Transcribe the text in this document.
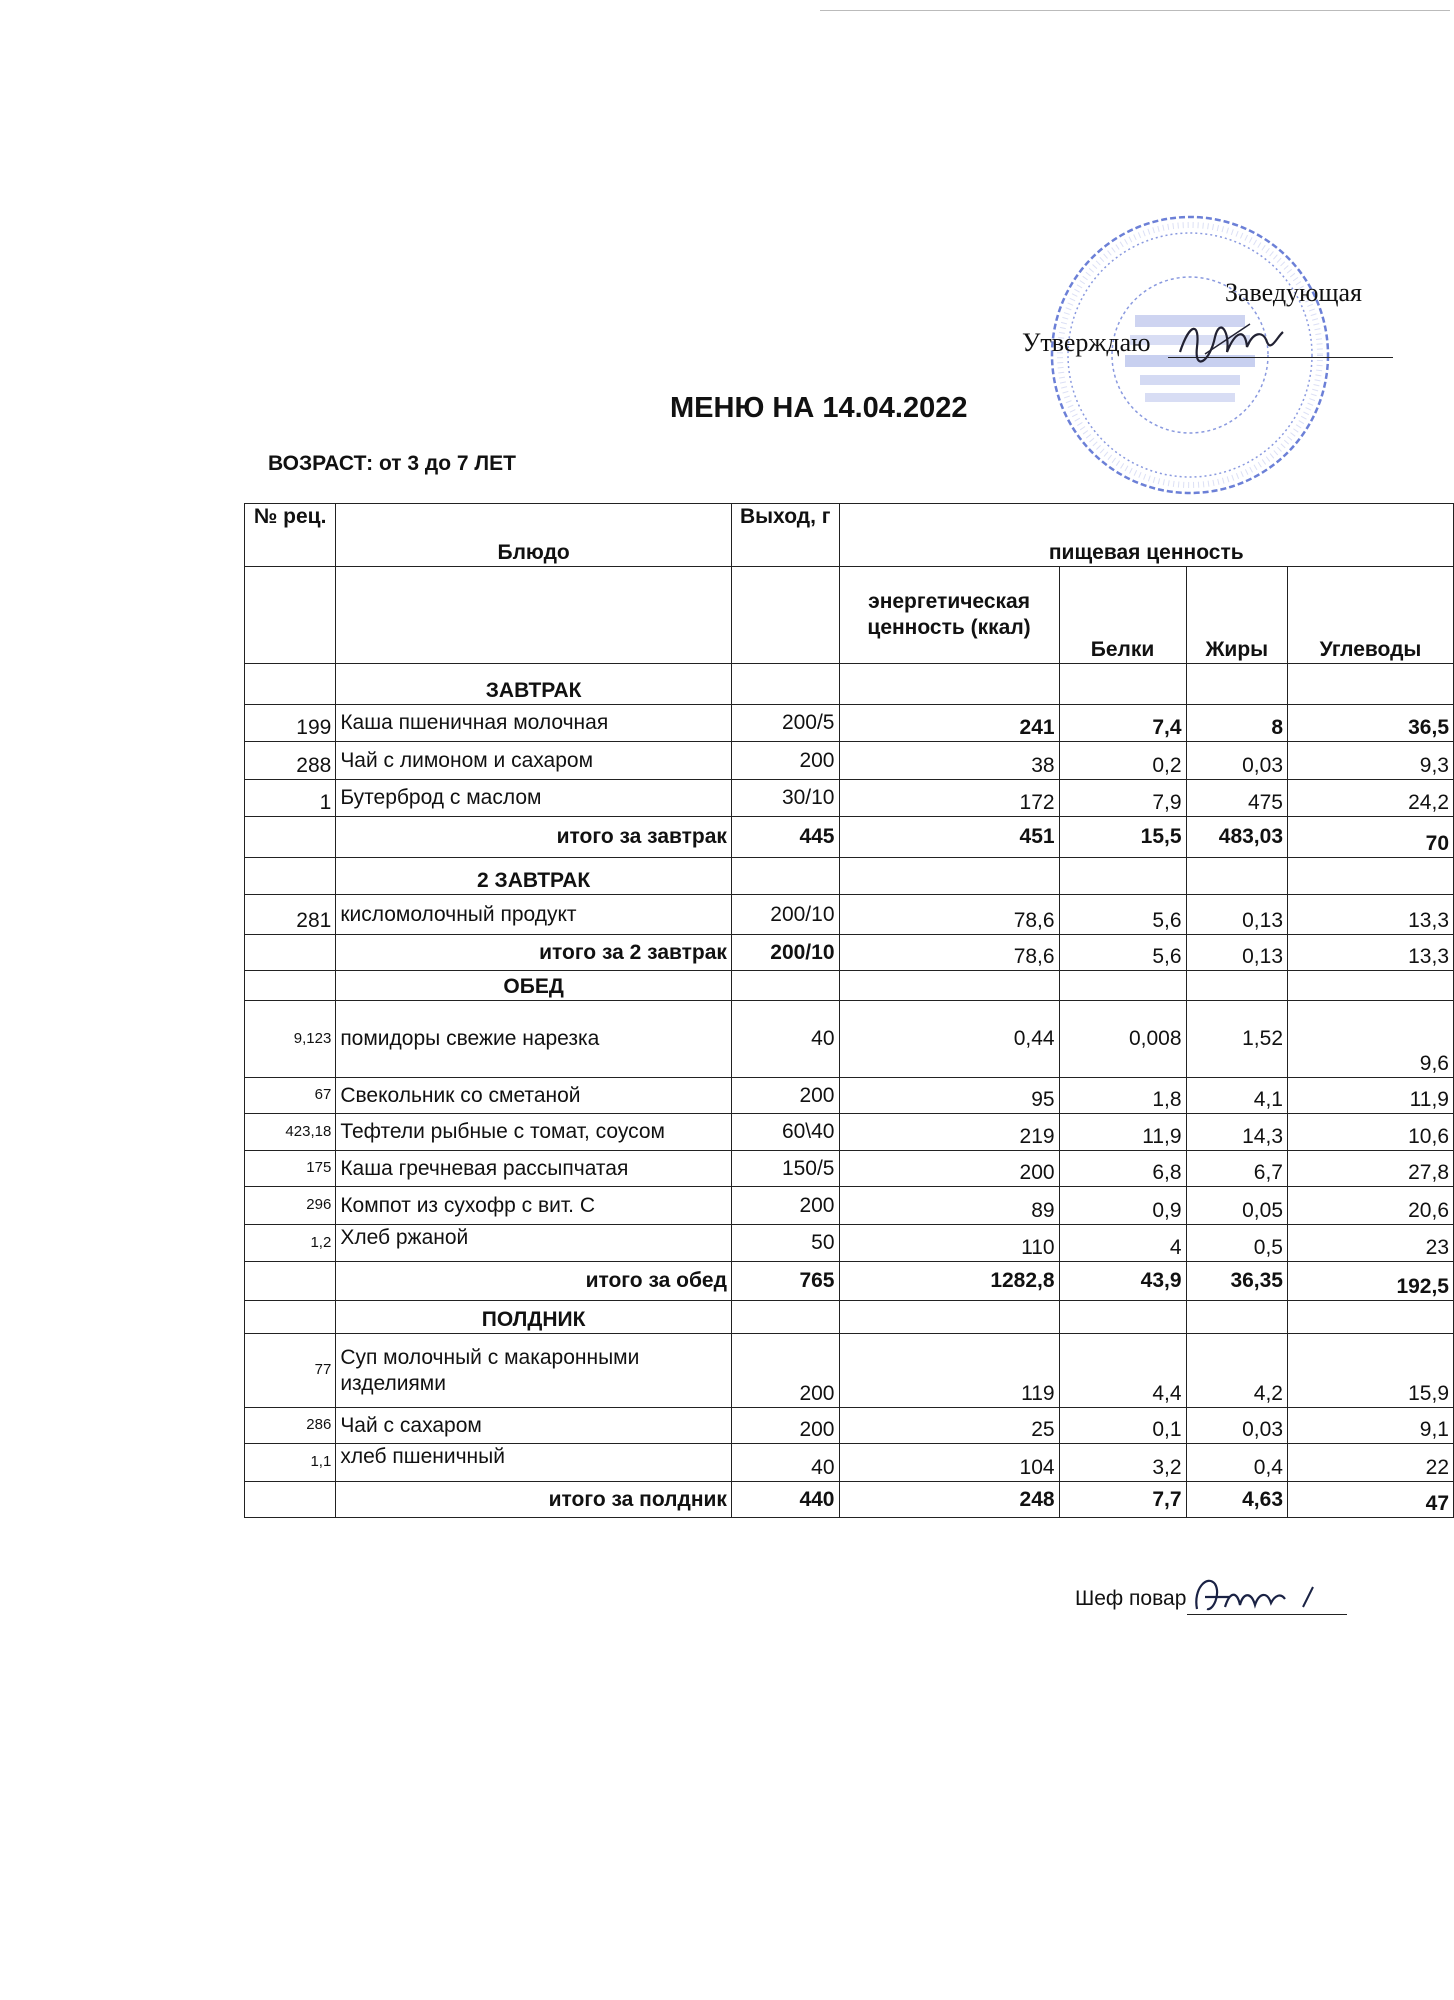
Заведующая
Утверждаю
МЕНЮ НА 14.04.2022
ВОЗРАСТ: от 3 до 7 ЛЕТ
№ рец.	Блюдо	Выход, г	пищевая ценность			
			энергетическая ценность (ккал)	Белки	Жиры	Углеводы
	ЗАВТРАК					
199	Каша пшеничная молочная	200/5	241	7,4	8	36,5
288	Чай с лимоном и сахаром	200	38	0,2	0,03	9,3
1	Бутерброд с маслом	30/10	172	7,9	475	24,2
	итого за завтрак	445	451	15,5	483,03	70
	2 ЗАВТРАК					
281	кисломолочный продукт	200/10	78,6	5,6	0,13	13,3
	итого за 2 завтрак	200/10	78,6	5,6	0,13	13,3
	ОБЕД					
9,123	помидоры свежие нарезка	40	0,44	0,008	1,52	9,6
67	Свекольник со сметаной	200	95	1,8	4,1	11,9
423,18	Тефтели рыбные с томат, соусом	60\40	219	11,9	14,3	10,6
175	Каша гречневая рассыпчатая	150/5	200	6,8	6,7	27,8
296	Компот из сухофр с вит. С	200	89	0,9	0,05	20,6
1,2	Хлеб ржаной	50	110	4	0,5	23
	итого за обед	765	1282,8	43,9	36,35	192,5
	ПОЛДНИК					
77	Суп молочный с макаронными изделиями	200	119	4,4	4,2	15,9
286	Чай с сахаром	200	25	0,1	0,03	9,1
1,1	хлеб пшеничный	40	104	3,2	0,4	22
	итого за полдник	440	248	7,7	4,63	47
Шеф повар
